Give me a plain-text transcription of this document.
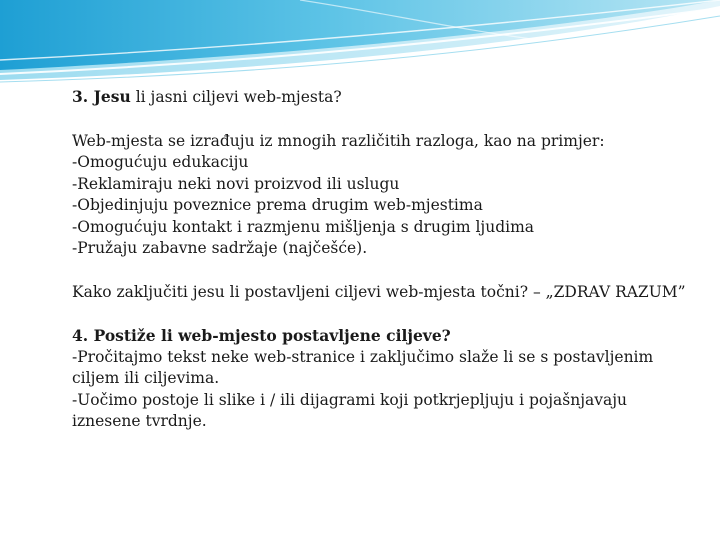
3. Jesu li jasni ciljevi web-mjesta?

Web-mjesta se izrađuju iz mnogih različitih razloga, kao na primjer:

-Omogućuju edukaciju

-Reklamiraju neki novi proizvod ili uslugu

-Objedinjuju poveznice prema drugim web-mjestima

-Omogućuju kontakt i razmjenu mišljenja s drugim ljudima

-Pružaju zabavne sadržaje (najčešće).

Kako zaključiti jesu li postavljeni ciljevi web-mjesta točni? – „ZDRAV RAZUM”

4. Postiže li web-mjesto postavljene ciljeve?

-Pročitajmo tekst neke web-stranice i zaključimo slaže li se s postavljenim

ciljem ili ciljevima.

-Uočimo postoje li slike i / ili dijagrami koji potkrjepljuju i pojašnjavaju

iznesene tvrdnje.
